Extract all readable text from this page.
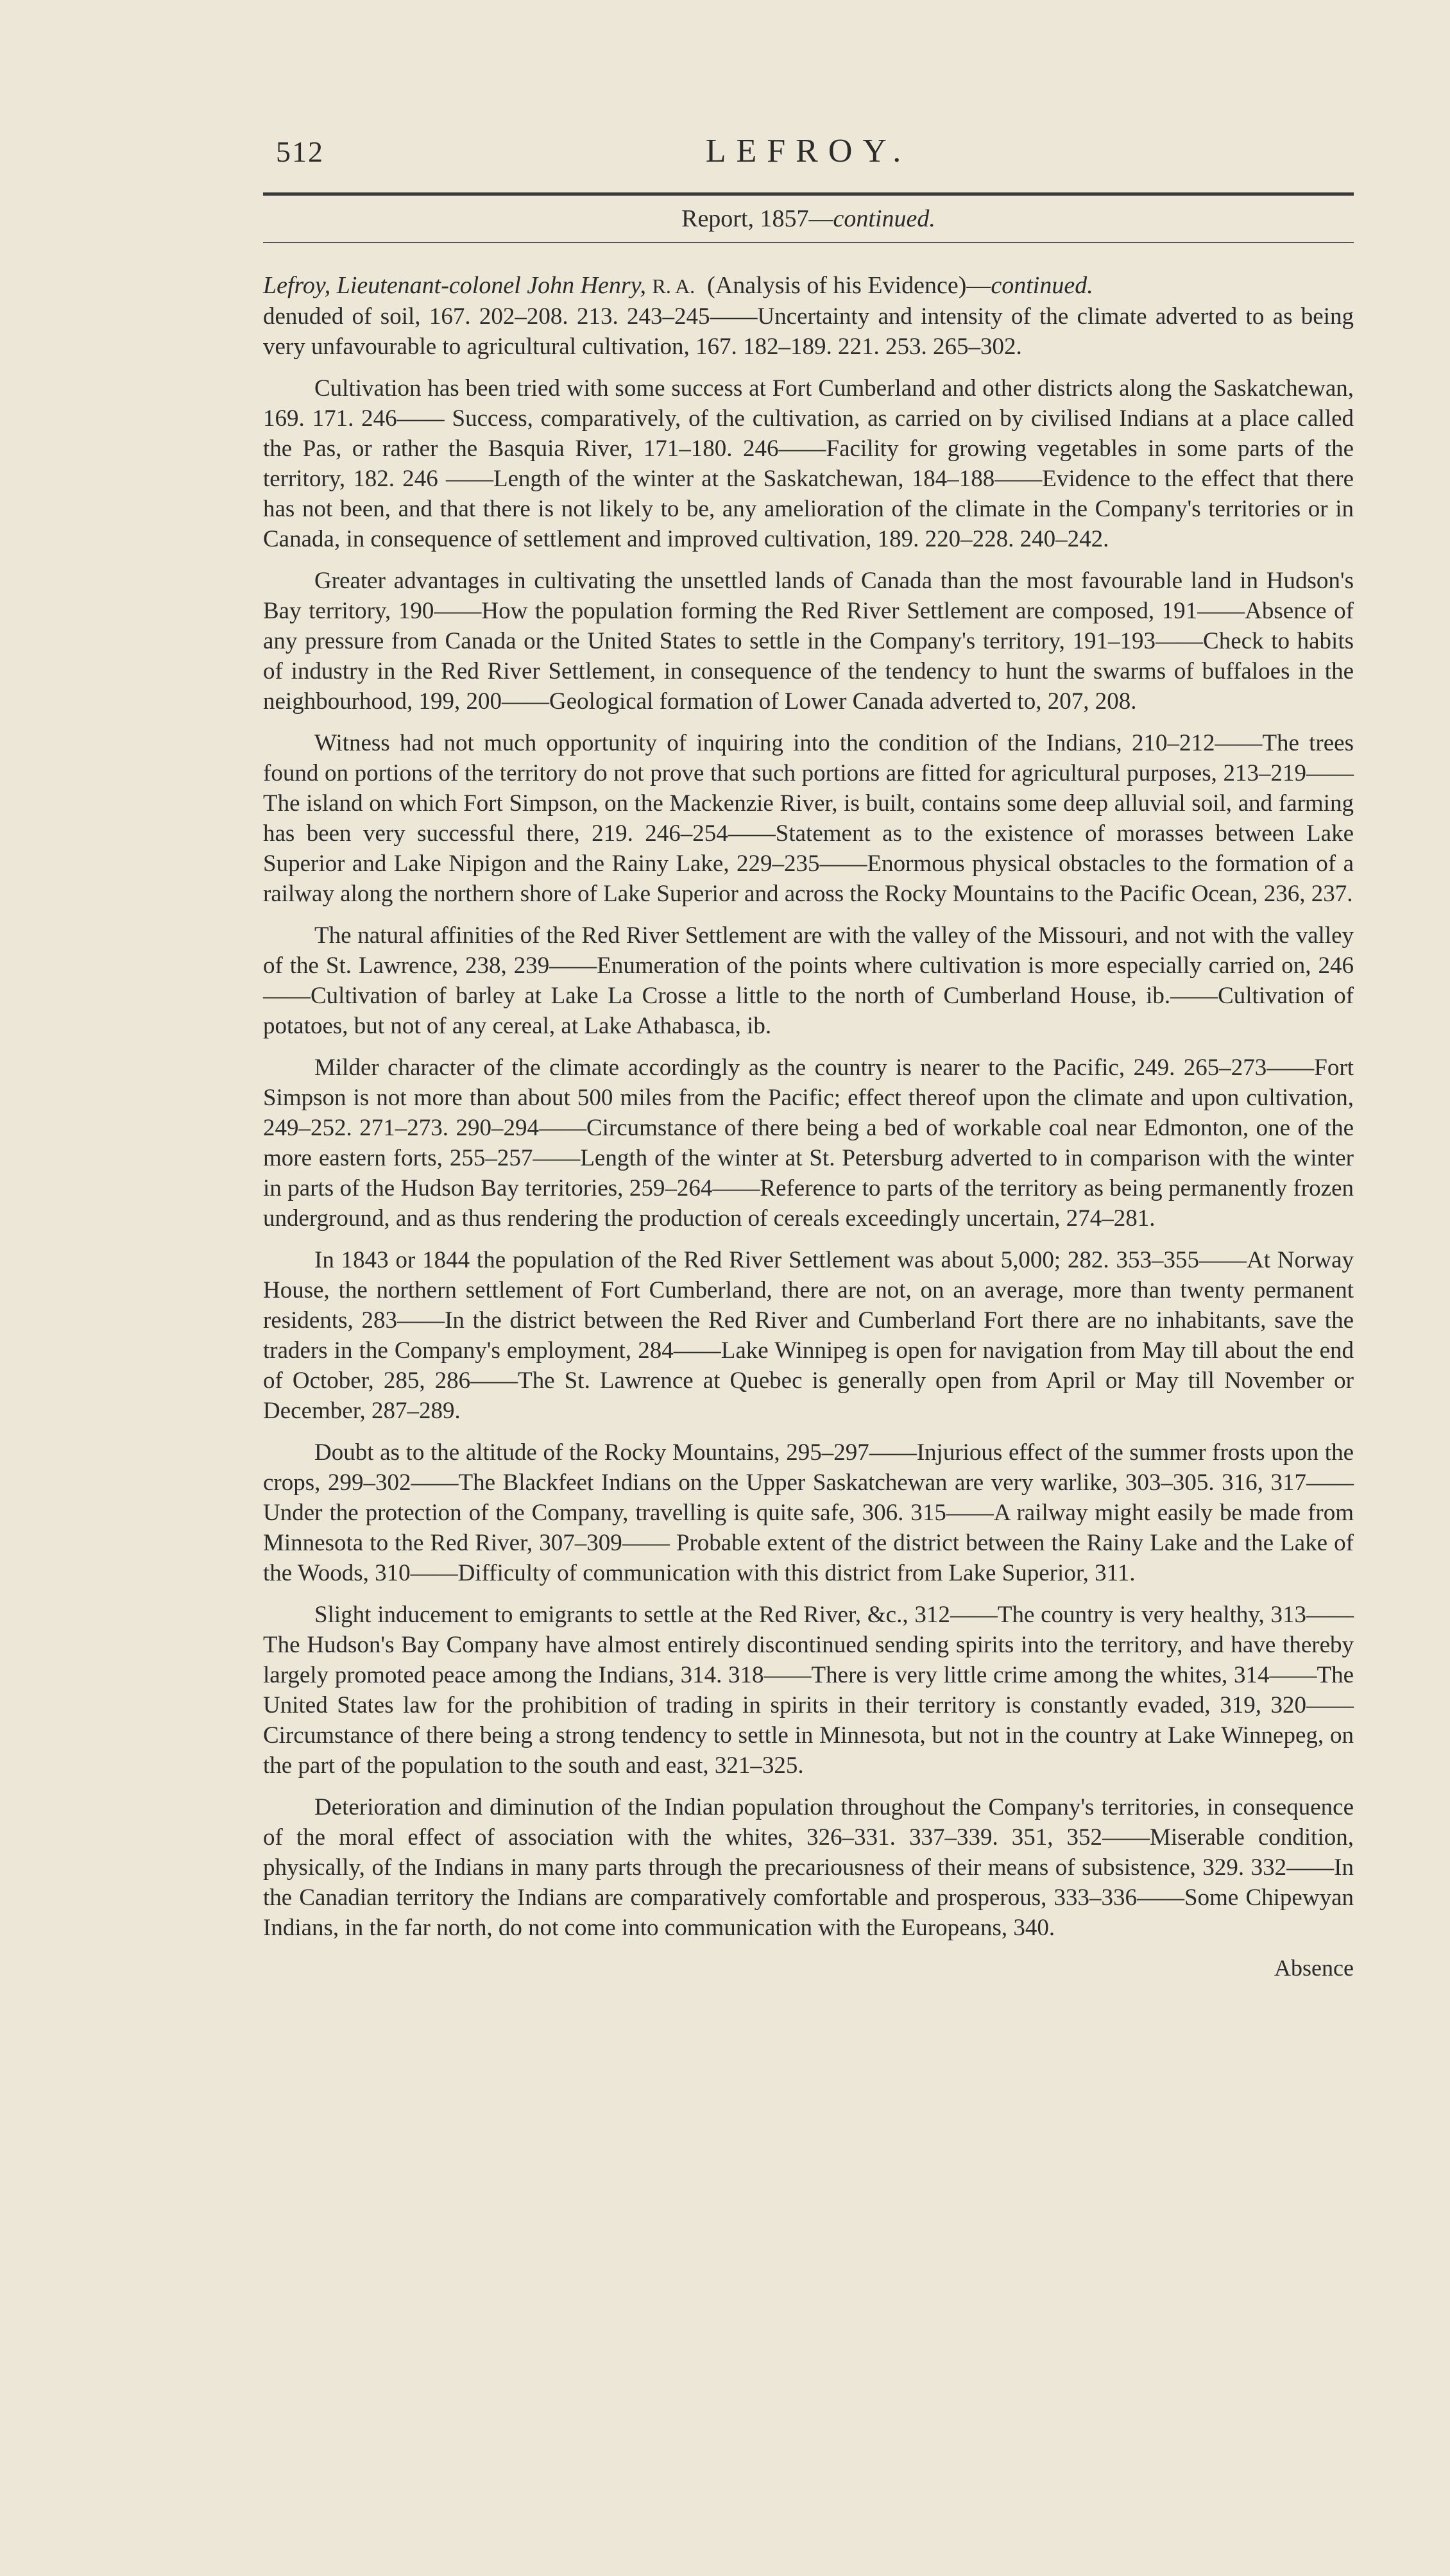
512	LEFROY.
Report, 1857—continued.
Lefroy, Lieutenant-colonel John Henry, R. A. (Analysis of his Evidence)—continued.

denuded of soil, 167. 202–208. 213. 243–245——Uncertainty and intensity of the climate adverted to as being very unfavourable to agricultural cultivation, 167. 182–189. 221. 253. 265–302.

Cultivation has been tried with some success at Fort Cumberland and other districts along the Saskatchewan, 169. 171. 246—— Success, comparatively, of the cultivation, as carried on by civilised Indians at a place called the Pas, or rather the Basquia River, 171–180. 246——Facility for growing vegetables in some parts of the territory, 182. 246 ——Length of the winter at the Saskatchewan, 184–188——Evidence to the effect that there has not been, and that there is not likely to be, any amelioration of the climate in the Company's territories or in Canada, in consequence of settlement and improved cultivation, 189. 220–228. 240–242.

Greater advantages in cultivating the unsettled lands of Canada than the most favourable land in Hudson's Bay territory, 190——How the population forming the Red River Settlement are composed, 191——Absence of any pressure from Canada or the United States to settle in the Company's territory, 191–193——Check to habits of industry in the Red River Settlement, in consequence of the tendency to hunt the swarms of buffaloes in the neighbourhood, 199, 200——Geological formation of Lower Canada adverted to, 207, 208.

Witness had not much opportunity of inquiring into the condition of the Indians, 210–212——The trees found on portions of the territory do not prove that such portions are fitted for agricultural purposes, 213–219——The island on which Fort Simpson, on the Mackenzie River, is built, contains some deep alluvial soil, and farming has been very successful there, 219. 246–254——Statement as to the existence of morasses between Lake Superior and Lake Nipigon and the Rainy Lake, 229–235——Enormous physical obstacles to the formation of a railway along the northern shore of Lake Superior and across the Rocky Mountains to the Pacific Ocean, 236, 237.

The natural affinities of the Red River Settlement are with the valley of the Missouri, and not with the valley of the St. Lawrence, 238, 239——Enumeration of the points where cultivation is more especially carried on, 246——Cultivation of barley at Lake La Crosse a little to the north of Cumberland House, ib.——Cultivation of potatoes, but not of any cereal, at Lake Athabasca, ib.

Milder character of the climate accordingly as the country is nearer to the Pacific, 249. 265–273——Fort Simpson is not more than about 500 miles from the Pacific; effect thereof upon the climate and upon cultivation, 249–252. 271–273. 290–294——Circumstance of there being a bed of workable coal near Edmonton, one of the more eastern forts, 255–257——Length of the winter at St. Petersburg adverted to in comparison with the winter in parts of the Hudson Bay territories, 259–264——Reference to parts of the territory as being permanently frozen underground, and as thus rendering the production of cereals exceedingly uncertain, 274–281.

In 1843 or 1844 the population of the Red River Settlement was about 5,000; 282. 353–355——At Norway House, the northern settlement of Fort Cumberland, there are not, on an average, more than twenty permanent residents, 283——In the district between the Red River and Cumberland Fort there are no inhabitants, save the traders in the Company's employment, 284——Lake Winnipeg is open for navigation from May till about the end of October, 285, 286——The St. Lawrence at Quebec is generally open from April or May till November or December, 287–289.

Doubt as to the altitude of the Rocky Mountains, 295–297——Injurious effect of the summer frosts upon the crops, 299–302——The Blackfeet Indians on the Upper Saskatchewan are very warlike, 303–305. 316, 317——Under the protection of the Company, travelling is quite safe, 306. 315——A railway might easily be made from Minnesota to the Red River, 307–309—— Probable extent of the district between the Rainy Lake and the Lake of the Woods, 310——Difficulty of communication with this district from Lake Superior, 311.

Slight inducement to emigrants to settle at the Red River, &c., 312——The country is very healthy, 313——The Hudson's Bay Company have almost entirely discontinued sending spirits into the territory, and have thereby largely promoted peace among the Indians, 314. 318——There is very little crime among the whites, 314——The United States law for the prohibition of trading in spirits in their territory is constantly evaded, 319, 320——Circumstance of there being a strong tendency to settle in Minnesota, but not in the country at Lake Winnepeg, on the part of the population to the south and east, 321–325.

Deterioration and diminution of the Indian population throughout the Company's territories, in consequence of the moral effect of association with the whites, 326–331. 337–339. 351, 352——Miserable condition, physically, of the Indians in many parts through the precariousness of their means of subsistence, 329. 332——In the Canadian territory the Indians are comparatively comfortable and prosperous, 333–336——Some Chipewyan Indians, in the far north, do not come into communication with the Europeans, 340.

Absence
